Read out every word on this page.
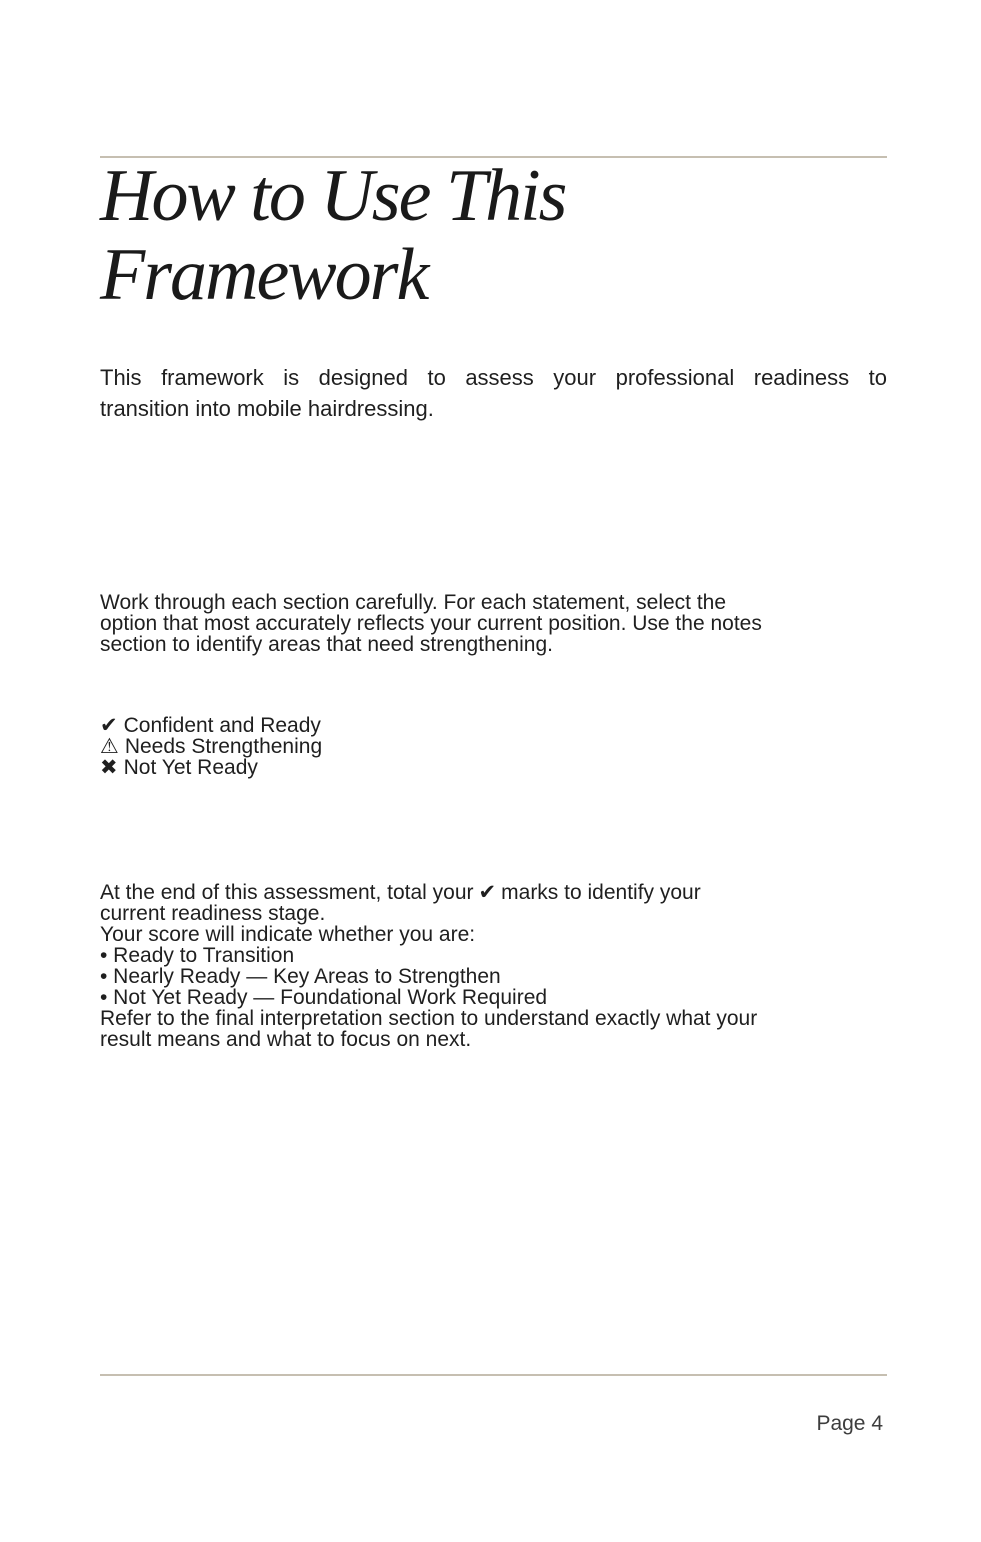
How to Use This
Framework
This framework is designed to assess your professional readiness to
transition into mobile hairdressing.
Work through each section carefully. For each statement, select the
option that most accurately reflects your current position. Use the notes
section to identify areas that need strengthening.
✔ Confident and Ready
⚠ Needs Strengthening
✖ Not Yet Ready
At the end of this assessment, total your ✔ marks to identify your
current readiness stage.
Your score will indicate whether you are:
• Ready to Transition
• Nearly Ready — Key Areas to Strengthen
• Not Yet Ready — Foundational Work Required
Refer to the final interpretation section to understand exactly what your
result means and what to focus on next.
Page 4
